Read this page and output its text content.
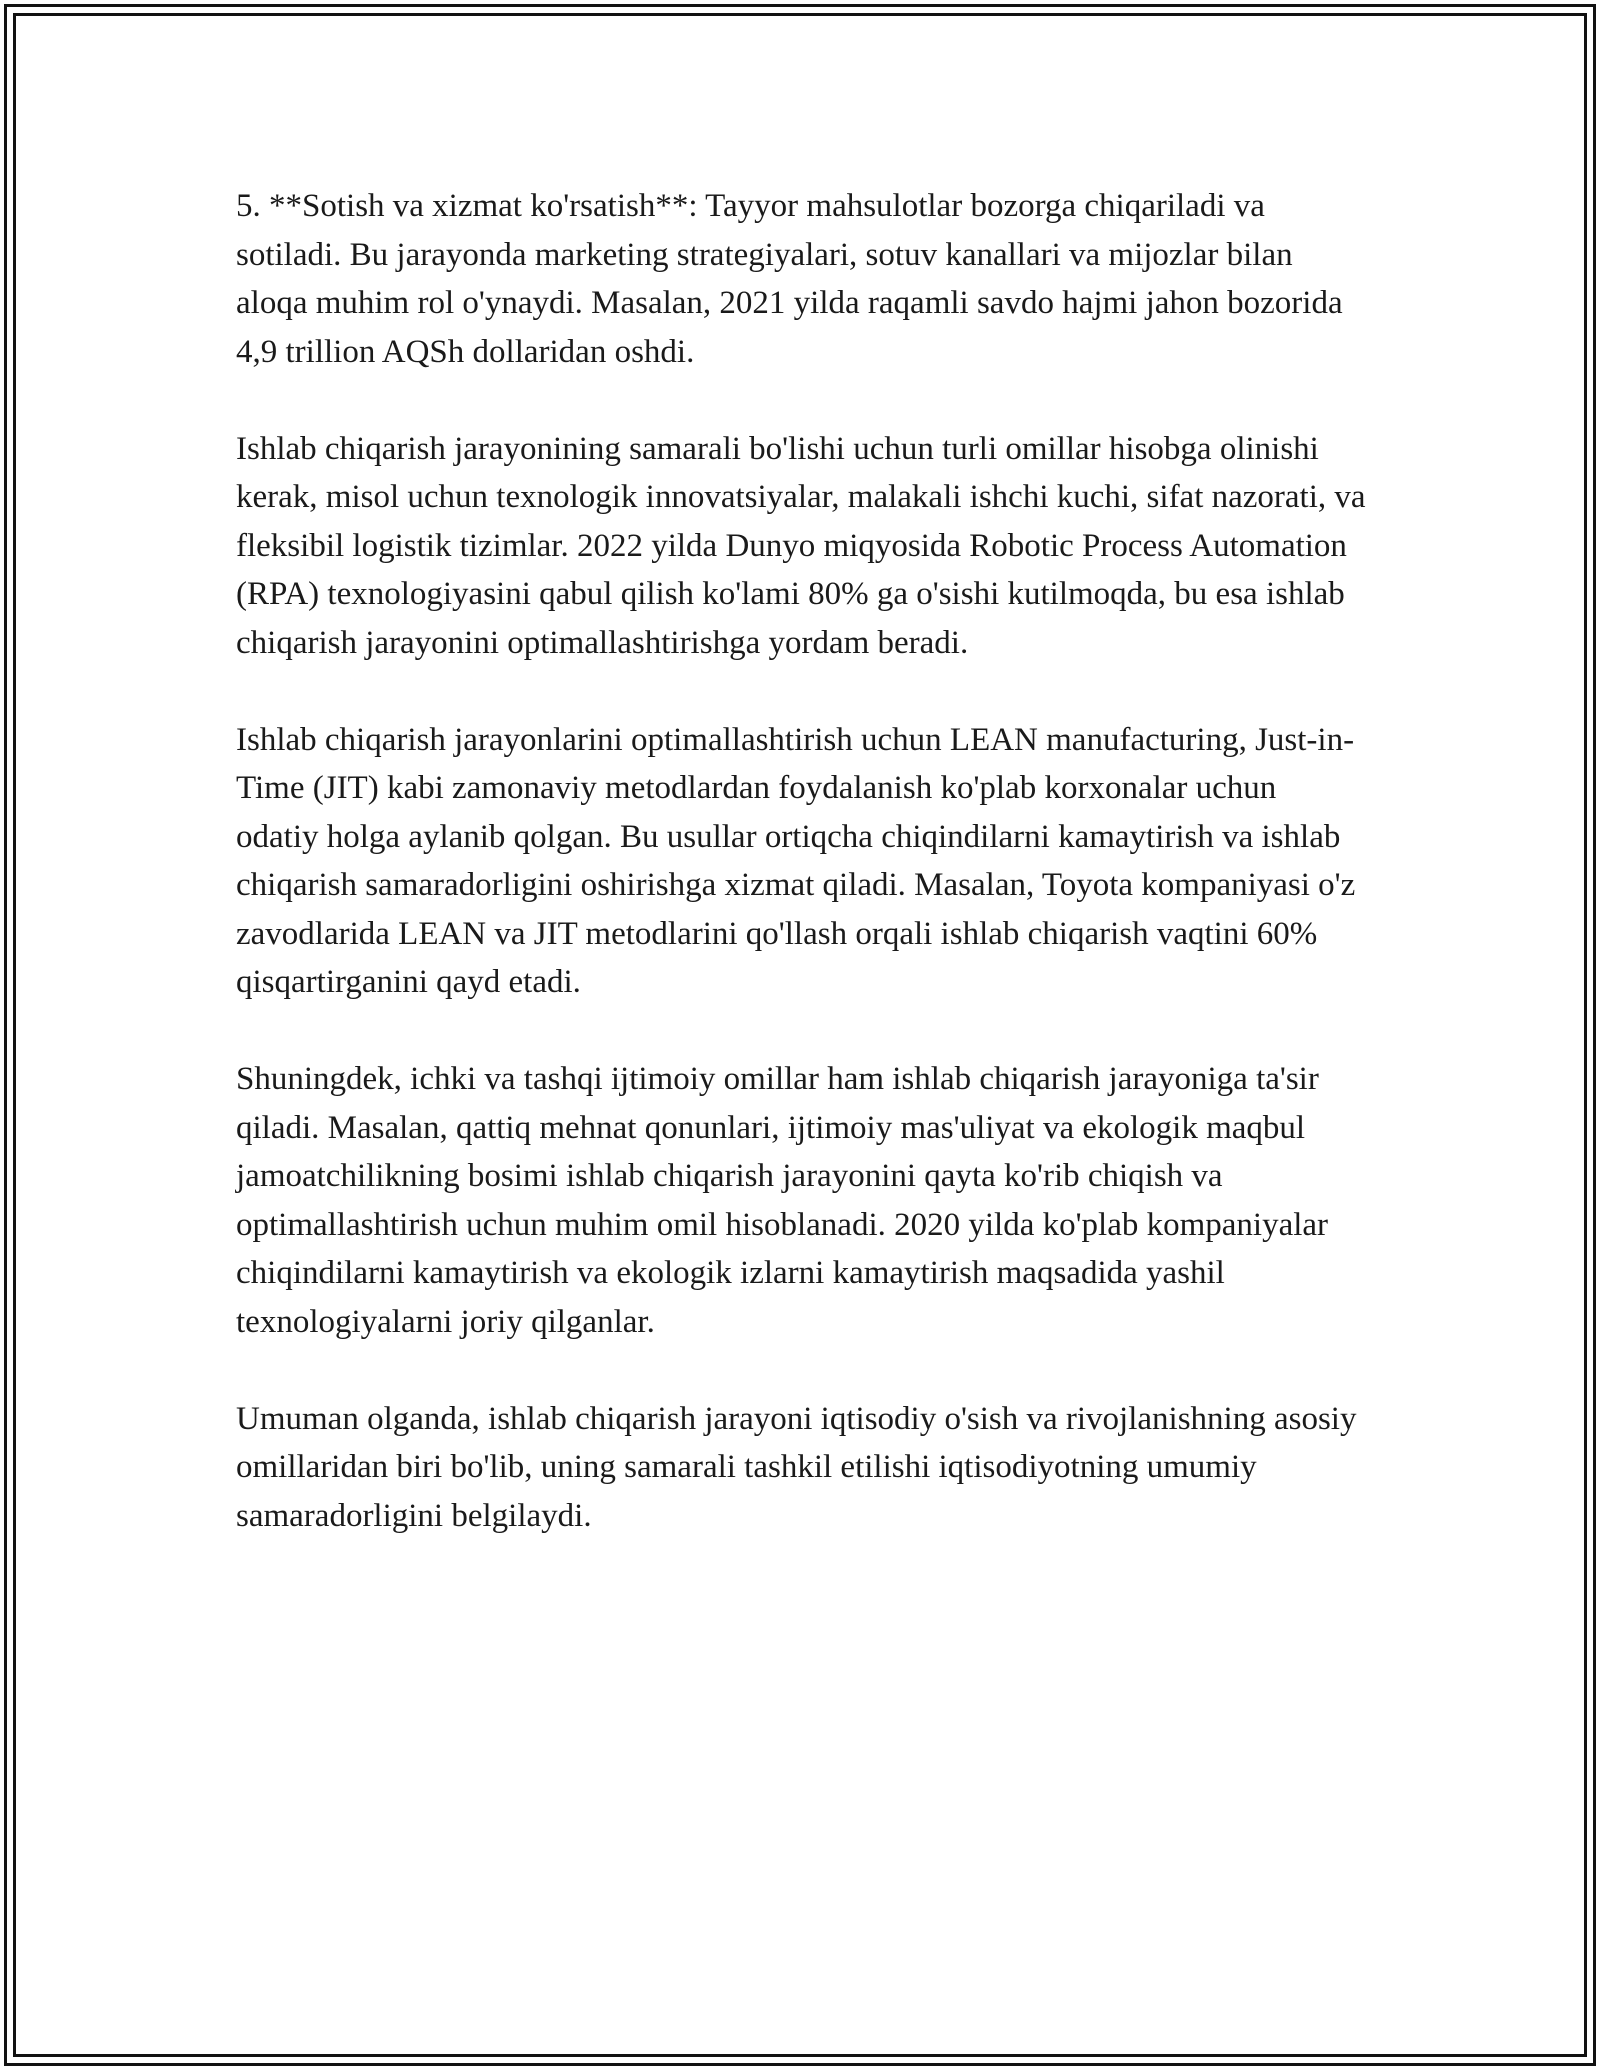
5. **Sotish va xizmat ko'rsatish**: Tayyor mahsulotlar bozorga chiqariladi va sotiladi. Bu jarayonda marketing strategiyalari, sotuv kanallari va mijozlar bilan aloqa muhim rol o'ynaydi. Masalan, 2021 yilda raqamli savdo hajmi jahon bozorida 4,9 trillion AQSh dollaridan oshdi.

Ishlab chiqarish jarayonining samarali bo'lishi uchun turli omillar hisobga olinishi kerak, misol uchun texnologik innovatsiyalar, malakali ishchi kuchi, sifat nazorati, va fleksibil logistik tizimlar. 2022 yilda Dunyo miqyosida Robotic Process Automation (RPA) texnologiyasini qabul qilish ko'lami 80% ga o'sishi kutilmoqda, bu esa ishlab chiqarish jarayonini optimallashtirishga yordam beradi.

Ishlab chiqarish jarayonlarini optimallashtirish uchun LEAN manufacturing, Just-in-Time (JIT) kabi zamonaviy metodlardan foydalanish ko'plab korxonalar uchun odatiy holga aylanib qolgan. Bu usullar ortiqcha chiqindilarni kamaytirish va ishlab chiqarish samaradorligini oshirishga xizmat qiladi. Masalan, Toyota kompaniyasi o'z zavodlarida LEAN va JIT metodlarini qo'llash orqali ishlab chiqarish vaqtini 60% qisqartirganini qayd etadi.

Shuningdek, ichki va tashqi ijtimoiy omillar ham ishlab chiqarish jarayoniga ta'sir qiladi. Masalan, qattiq mehnat qonunlari, ijtimoiy mas'uliyat va ekologik maqbul jamoatchilikning bosimi ishlab chiqarish jarayonini qayta ko'rib chiqish va optimallashtirish uchun muhim omil hisoblanadi. 2020 yilda ko'plab kompaniyalar chiqindilarni kamaytirish va ekologik izlarni kamaytirish maqsadida yashil texnologiyalarni joriy qilganlar.

Umuman olganda, ishlab chiqarish jarayoni iqtisodiy o'sish va rivojlanishning asosiy omillaridan biri bo'lib, uning samarali tashkil etilishi iqtisodiyotning umumiy samaradorligini belgilaydi.
